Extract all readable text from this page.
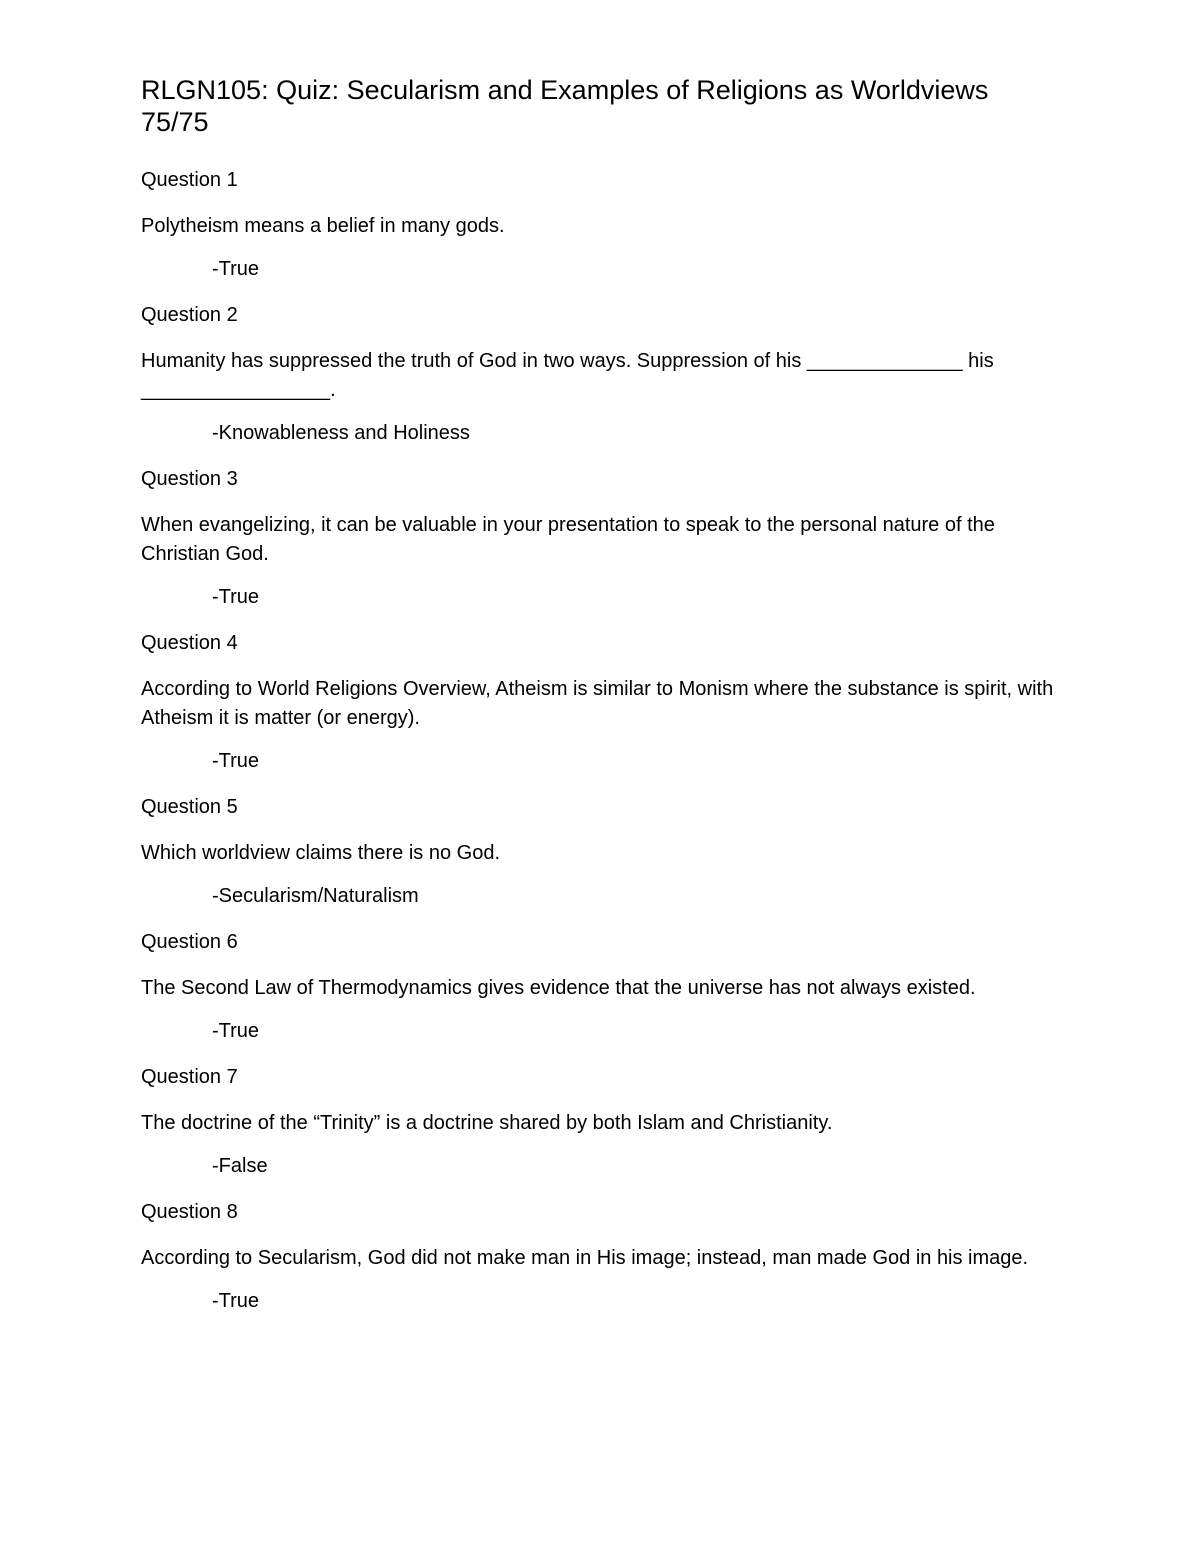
RLGN105: Quiz: Secularism and Examples of Religions as Worldviews 75/75

Question 1

Polytheism means a belief in many gods.

-True

Question 2

Humanity has suppressed the truth of God in two ways. Suppression of his ______________ his _________________.

-Knowableness and Holiness

Question 3

When evangelizing, it can be valuable in your presentation to speak to the personal nature of the Christian God.

-True

Question 4

According to World Religions Overview, Atheism is similar to Monism where the substance is spirit, with Atheism it is matter (or energy).

-True

Question 5

Which worldview claims there is no God.

-Secularism/Naturalism

Question 6

The Second Law of Thermodynamics gives evidence that the universe has not always existed.

-True

Question 7

The doctrine of the “Trinity” is a doctrine shared by both Islam and Christianity.

-False

Question 8

According to Secularism, God did not make man in His image; instead, man made God in his image.

-True
